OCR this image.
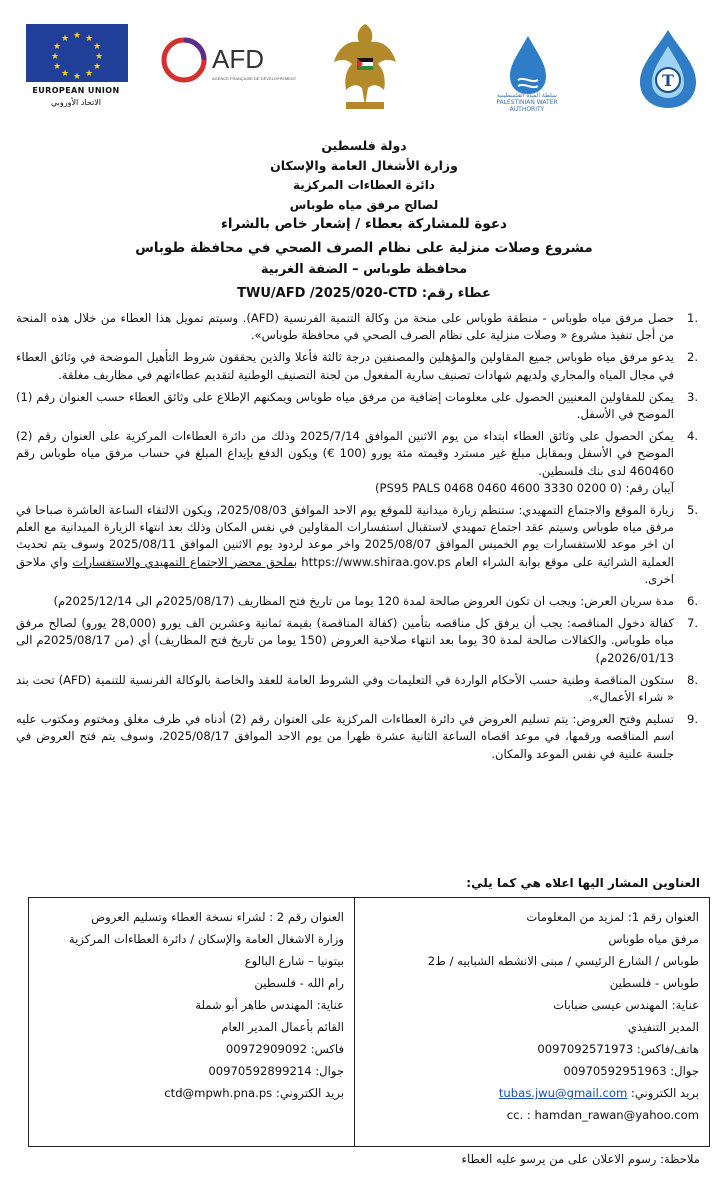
★ ★
★
★
★
★
★
★
★
★
★
★
EUROPEAN UNION
الاتحاد الأوروبي
AFD
AGENCE FRANÇAISE DE DÉVELOPPEMENT
سلطة المياه الفلسطينية PALESTINIAN WATER AUTHORITY
T
دولة فلسطين
وزارة الأشغال العامة والإسكان
دائرة العطاءات المركزية
لصالح مرفق مياه طوباس
دعوة للمشاركة بعطاء / إشعار خاص بالشراء
مشروع وصلات منزلية على نظام الصرف الصحي في محافظة طوباس
محافظة طوباس – الضفة الغربية
عطاء رقم: TWU/AFD /2025/020-CTD
1.

حصل مرفق مياه طوباس - منطقة طوباس على منحة من وكالة التنمية الفرنسية (AFD). وسيتم تمويل هذا العطاء من خلال هذه المنحة من أجل تنفيذ مشروع « وصلات منزلية على نظام الصرف الصحي في محافظة طوباس».

2.

يدعو مرفق مياه طوباس جميع المقاولين والمؤهلين والمصنفين درجة ثالثة فأعلا والذين يحققون شروط التأهيل الموضحة في وثائق العطاء في مجال المياه والمجاري ولديهم شهادات تصنيف سارية المفعول من لجنة التصنيف الوطنية لتقديم عطاءاتهم في مظاريف مغلقة.

3.

يمكن للمقاولين المعنيين الحصول على معلومات إضافية من مرفق مياه طوباس ويمكنهم الإطلاع على وثائق العطاء حسب العنوان رقم (1) الموضح في الأسفل.

4.

يمكن الحصول على وثائق العطاء ابتداء من يوم الاثنين الموافق 2025/7/14 وذلك من دائرة العطاءات المركزية على العنوان رقم (2) الموضح في الأسفل وبمقابل مبلغ غير مسترد وقيمته مئة يورو (100 €) ويكون الدفع بإيداع المبلغ في حساب مرفق مياه طوباس رقم 460460 لدى بنك فلسطين.

آيبان رقم: (PS95 PALS 0468 0460 4600 3330 0200 0)

5.

زيارة الموقع والاجتماع التمهيدي: ستنظم زيارة ميدانية للموقع يوم الاحد الموافق 2025/08/03، ويكون الالتقاء الساعة العاشرة صباحا في مرفق مياه طوباس وسيتم عقد اجتماع تمهيدي لاستقبال استفسارات المقاولين في نفس المكان وذلك بعد انتهاء الزيارة الميدانية مع العلم ان اخر موعد للاستفسارات يوم الخميس الموافق 2025/08/07 واخر موعد لردود يوم الاثنين الموافق 2025/08/11 وسوف يتم تحديث العملية الشرائية على موقع بوابة الشراء العام https://www.shiraa.gov.ps بملحق محضر الاجتماع التمهيدي والاستفسارات واي ملاحق اخرى.

6.

مدة سريان العرض: ويجب ان تكون العروض صالحة لمدة 120 يوما من تاريخ فتح المظاريف (2025/08/17م الى 2025/12/14م)

7.

كفالة دخول المناقصه: يجب أن يرفق كل مناقصه بتأمين (كفالة المناقصة) بقيمة ثمانية وعشرين الف يورو (28,000 يورو) لصالح مرفق مياه طوباس. والكفالات صالحة لمدة 30 يوما بعد انتهاء صلاحية العروض (150 يوما من تاريخ فتح المظاريف) أي (من 2025/08/17م الى 2026/01/13م)

8.

ستكون المناقصة وطنية حسب الأحكام الواردة في التعليمات وفي الشروط العامة للعقد والخاصة بالوكالة الفرنسية للتنمية (AFD) تحت بند « شراء الأعمال».

9.

تسليم وفتح العروض: يتم تسليم العروض في دائرة العطاءات المركزية على العنوان رقم (2) أدناه في ظرف مغلق ومختوم ومكتوب عليه اسم المناقصه ورقمها، في موعد اقصاه الساعة الثانية عشرة ظهرا من يوم الاحد الموافق 2025/08/17، وسوف يتم فتح العروض في جلسة علنية في نفس الموعد والمكان.

العناوين المشار اليها اعلاه هي كما يلي:

العنوان رقم 1: لمزيد من المعلومات

مرفق مياه طوباس

طوباس / الشارع الرئيسي / مبنى الانشطه الشبابيه / ط2

طوباس - فلسطين

عناية: المهندس عيسى ضبابات

المدير التنفيذي

هاتف/فاكس: 0097092571973

جوال: 00970592951963

بريد الكتروني: tubas.jwu@gmail.com

cc. : hamdan_rawan@yahoo.com

العنوان رقم 2 : لشراء نسخة العطاء وتسليم العروض

وزارة الاشغال العامة والإسكان / دائرة العطاءات المركزية

بيتونيا – شارع البالوع

رام الله - فلسطين

عناية: المهندس طاهر أبو شملة

القائم بأعمال المدير العام

فاكس: 00972909092

جوال: 00970592899214

بريد الكتروني: ctd@mpwh.pna.ps

ملاحظة: رسوم الاعلان على من يرسو عليه العطاء
